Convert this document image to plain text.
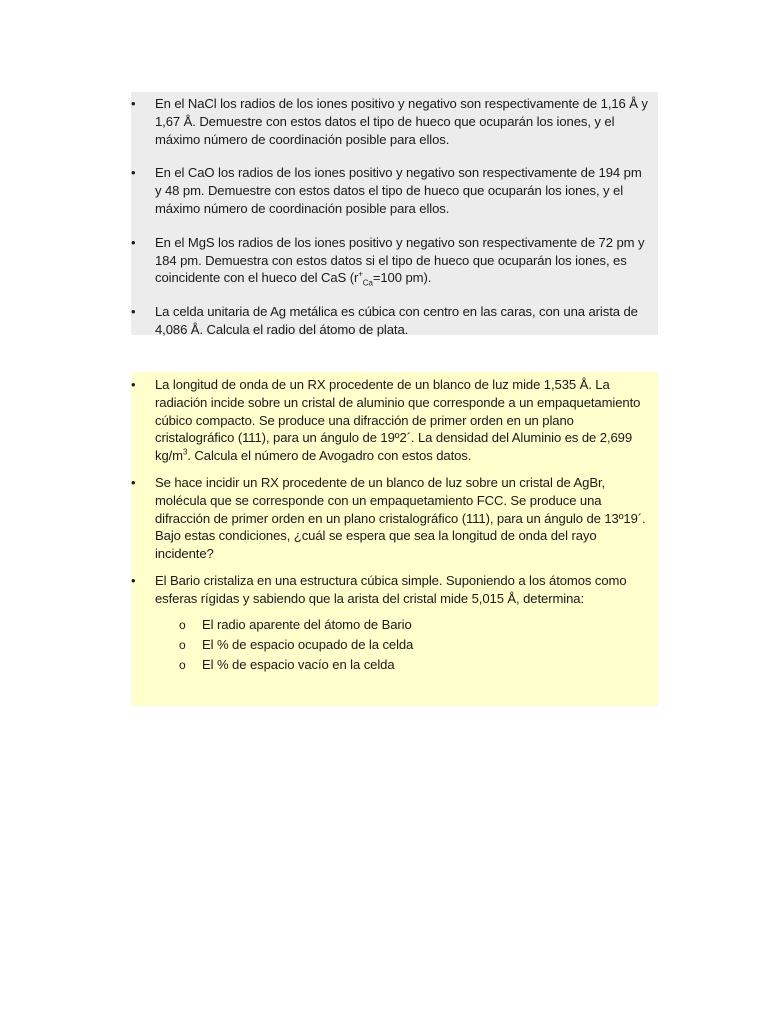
• En el NaCl los radios de los iones positivo y negativo son respectivamente de 1,16 Å y 1,67 Å. Demuestre con estos datos el tipo de hueco que ocuparán los iones, y el máximo número de coordinación posible para ellos.
• En el CaO los radios de los iones positivo y negativo son respectivamente de 194 pm y 48 pm. Demuestre con estos datos el tipo de hueco que ocuparán los iones, y el máximo número de coordinación posible para ellos.
• En el MgS los radios de los iones positivo y negativo son respectivamente de 72 pm y 184 pm. Demuestra con estos datos si el tipo de hueco que ocuparán los iones, es coincidente con el hueco del CaS ($r^+_{Ca}=100$ pm).
• La celda unitaria de Ag metálica es cúbica con centro en las caras, con una arista de 4,086 Å. Calcula el radio del átomo de plata.
• La longitud de onda de un RX procedente de un blanco de luz mide 1,535 Å. La radiación incide sobre un cristal de aluminio que corresponde a un empaquetamiento cúbico compacto. Se produce una difracción de primer orden en un plano cristalográfico (111), para un ángulo de 19º2´. La densidad del Aluminio es de 2,699 $kg/m^3$. Calcula el número de Avogadro con estos datos.
• Se hace incidir un RX procedente de un blanco de luz sobre un cristal de AgBr, molécula que se corresponde con un empaquetamiento FCC. Se produce una difracción de primer orden en un plano cristalográfico (111), para un ángulo de 13º19´. Bajo estas condiciones, ¿cuál se espera que sea la longitud de onda del rayo incidente?
• El Bario cristaliza en una estructura cúbica simple. Suponiendo a los átomos como esferas rígidas y sabiendo que la arista del cristal mide 5,015 Å, determina:
o El radio aparente del átomo de Bario
o El % de espacio ocupado de la celda
o El % de espacio vacío en la celda
